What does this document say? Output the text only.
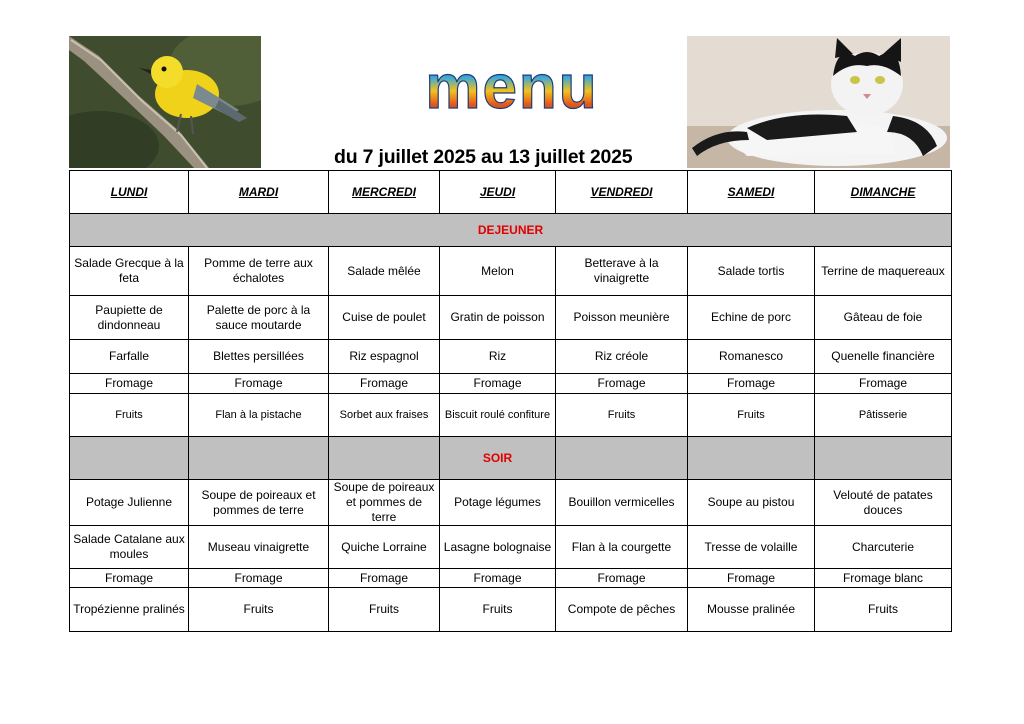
menu
du 7 juillet 2025 au 13 juillet 2025
LUNDI	MARDI	MERCREDI	JEUDI	VENDREDI	SAMEDI	DIMANCHE
DEJEUNER						
Salade Grecque à la feta	Pomme de terre aux échalotes	Salade mêlée	Melon	Betterave à la vinaigrette	Salade tortis	Terrine de maquereaux
Paupiette de dindonneau	Palette de porc à la sauce moutarde	Cuise de poulet	Gratin de poisson	Poisson meunière	Echine de porc	Gâteau de foie
Farfalle	Blettes persillées	Riz espagnol	Riz	Riz créole	Romanesco	Quenelle financière
Fromage	Fromage	Fromage	Fromage	Fromage	Fromage	Fromage
Fruits	Flan à la pistache	Sorbet aux fraises	Biscuit roulé confiture	Fruits	Fruits	Pâtisserie
			SOIR			
Potage Julienne	Soupe de poireaux et pommes de terre	Soupe de poireaux et pommes de terre	Potage légumes	Bouillon vermicelles	Soupe au pistou	Velouté de patates douces
Salade Catalane aux moules	Museau vinaigrette	Quiche Lorraine	Lasagne bolognaise	Flan à la courgette	Tresse de volaille	Charcuterie
Fromage	Fromage	Fromage	Fromage	Fromage	Fromage	Fromage blanc
Tropézienne pralinés	Fruits	Fruits	Fruits	Compote de pêches	Mousse pralinée	Fruits
